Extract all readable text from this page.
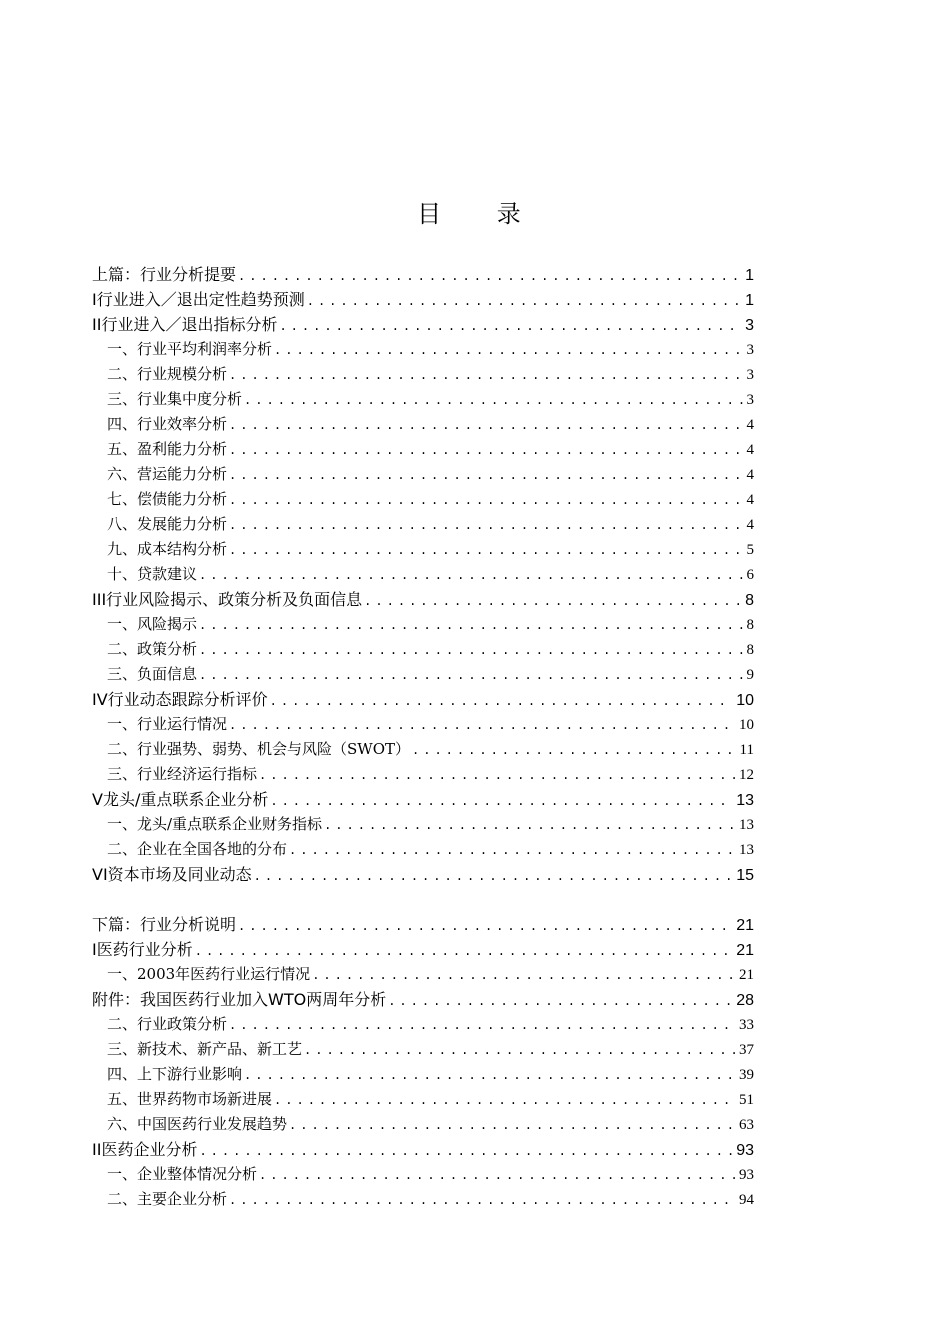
目 录
上篇：行业分析提要 .....	1
I行业进入／退出定性趋势预测 .....	1
II行业进入／退出指标分析 .....	3
一、行业平均利润率分析 .....	3
二、行业规模分析 .....	3
三、行业集中度分析 .....	3
四、行业效率分析 .....	4
五、盈利能力分析 .....	4
六、营运能力分析 .....	4
七、偿债能力分析 .....	4
八、发展能力分析 .....	4
九、成本结构分析 .....	5
十、贷款建议 .....	6
III行业风险揭示、政策分析及负面信息 .....	8
一、风险揭示 .....	8
二、政策分析 .....	8
三、负面信息 .....	9
IV行业动态跟踪分析评价 .....	10
一、行业运行情况 .....	10
二、行业强势、弱势、机会与风险（SWOT） .....	11
三、行业经济运行指标 .....	12
V龙头/重点联系企业分析 .....	13
一、龙头/重点联系企业财务指标 .....	13
二、企业在全国各地的分布 .....	13
VI资本市场及同业动态 .....	15
下篇：行业分析说明 .....	21
I医药行业分析 .....	21
一、2003年医药行业运行情况 .....	21
附件：我国医药行业加入WTO两周年分析 .....	28
二、行业政策分析 .....	33
三、新技术、新产品、新工艺 .....	37
四、上下游行业影响 .....	39
五、世界药物市场新进展 .....	51
六、中国医药行业发展趋势 .....	63
II医药企业分析 .....	93
一、企业整体情况分析 .....	93
二、主要企业分析 .....	94
